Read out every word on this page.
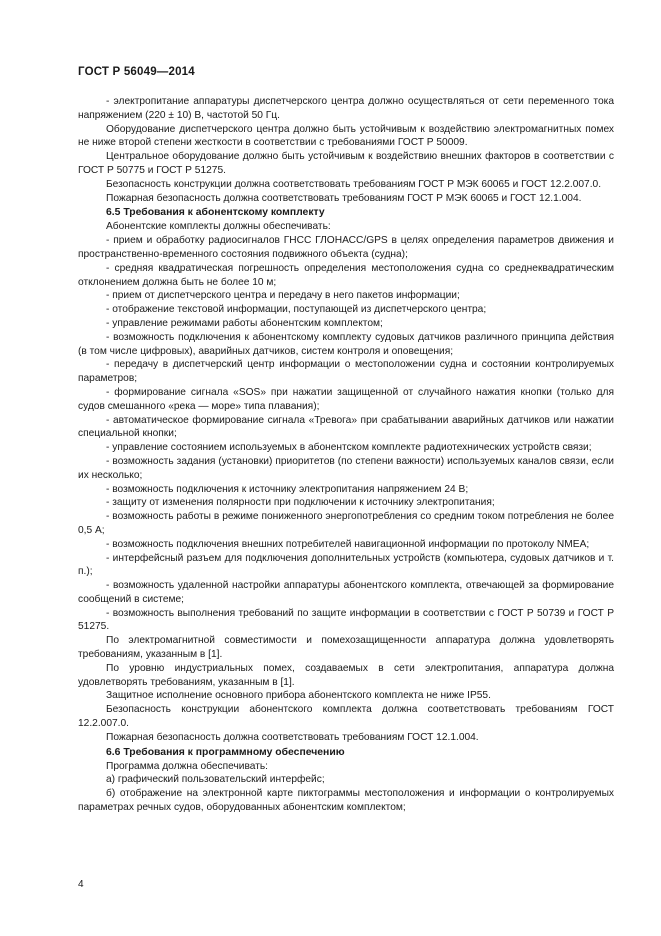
ГОСТ Р 56049—2014

- электропитание аппаратуры диспетчерского центра должно осуществляться от сети переменного тока напряжением (220 ± 10) В, частотой 50 Гц.

Оборудование диспетчерского центра должно быть устойчивым к воздействию электромагнитных помех не ниже второй степени жесткости в соответствии с требованиями ГОСТ Р 50009.

Центральное оборудование должно быть устойчивым к воздействию внешних факторов в соответствии с ГОСТ Р 50775 и ГОСТ Р 51275.

Безопасность конструкции должна соответствовать требованиям ГОСТ Р МЭК 60065 и ГОСТ 12.2.007.0.

Пожарная безопасность должна соответствовать требованиям ГОСТ Р МЭК 60065 и ГОСТ 12.1.004.

6.5 Требования к абонентскому комплекту

Абонентские комплекты должны обеспечивать:

- прием и обработку радиосигналов ГНСС ГЛОНАСС/GPS в целях определения параметров движения и пространственно-временного состояния подвижного объекта (судна);

- средняя квадратическая погрешность определения местоположения судна со среднеквадратическим отклонением должна быть не более 10 м;

- прием от диспетчерского центра и передачу в него пакетов информации;

- отображение текстовой информации, поступающей из диспетчерского центра;

- управление режимами работы абонентским комплектом;

- возможность подключения к абонентскому комплекту судовых датчиков различного принципа действия (в том числе цифровых), аварийных датчиков, систем контроля и оповещения;

- передачу в диспетчерский центр информации о местоположении судна и состоянии контролируемых параметров;

- формирование сигнала «SOS» при нажатии защищенной от случайного нажатия кнопки (только для судов смешанного «река — море» типа плавания);

- автоматическое формирование сигнала «Тревога» при срабатывании аварийных датчиков или нажатии специальной кнопки;

- управление состоянием используемых в абонентском комплекте радиотехнических устройств связи;

- возможность задания (установки) приоритетов (по степени важности) используемых каналов связи, если их несколько;

- возможность подключения к источнику электропитания напряжением 24 В;

- защиту от изменения полярности при подключении к источнику электропитания;

- возможность работы в режиме пониженного энергопотребления со средним током потребления не более 0,5 А;

- возможность подключения внешних потребителей навигационной информации по протоколу NMEA;

- интерфейсный разъем для подключения дополнительных устройств (компьютера, судовых датчиков и т. п.);

- возможность удаленной настройки аппаратуры абонентского комплекта, отвечающей за формирование сообщений в системе;

- возможность выполнения требований по защите информации в соответствии с ГОСТ Р 50739 и ГОСТ Р 51275.

По электромагнитной совместимости и помехозащищенности аппаратура должна удовлетворять требованиям, указанным в [1].

По уровню индустриальных помех, создаваемых в сети электропитания, аппаратура должна удовлетворять требованиям, указанным в [1].

Защитное исполнение основного прибора абонентского комплекта не ниже IP55.

Безопасность конструкции абонентского комплекта должна соответствовать требованиям ГОСТ 12.2.007.0.

Пожарная безопасность должна соответствовать требованиям ГОСТ 12.1.004.

6.6 Требования к программному обеспечению

Программа должна обеспечивать:

а) графический пользовательский интерфейс;

б) отображение на электронной карте пиктограммы местоположения и информации о контролируемых параметрах речных судов, оборудованных абонентским комплектом;

4
